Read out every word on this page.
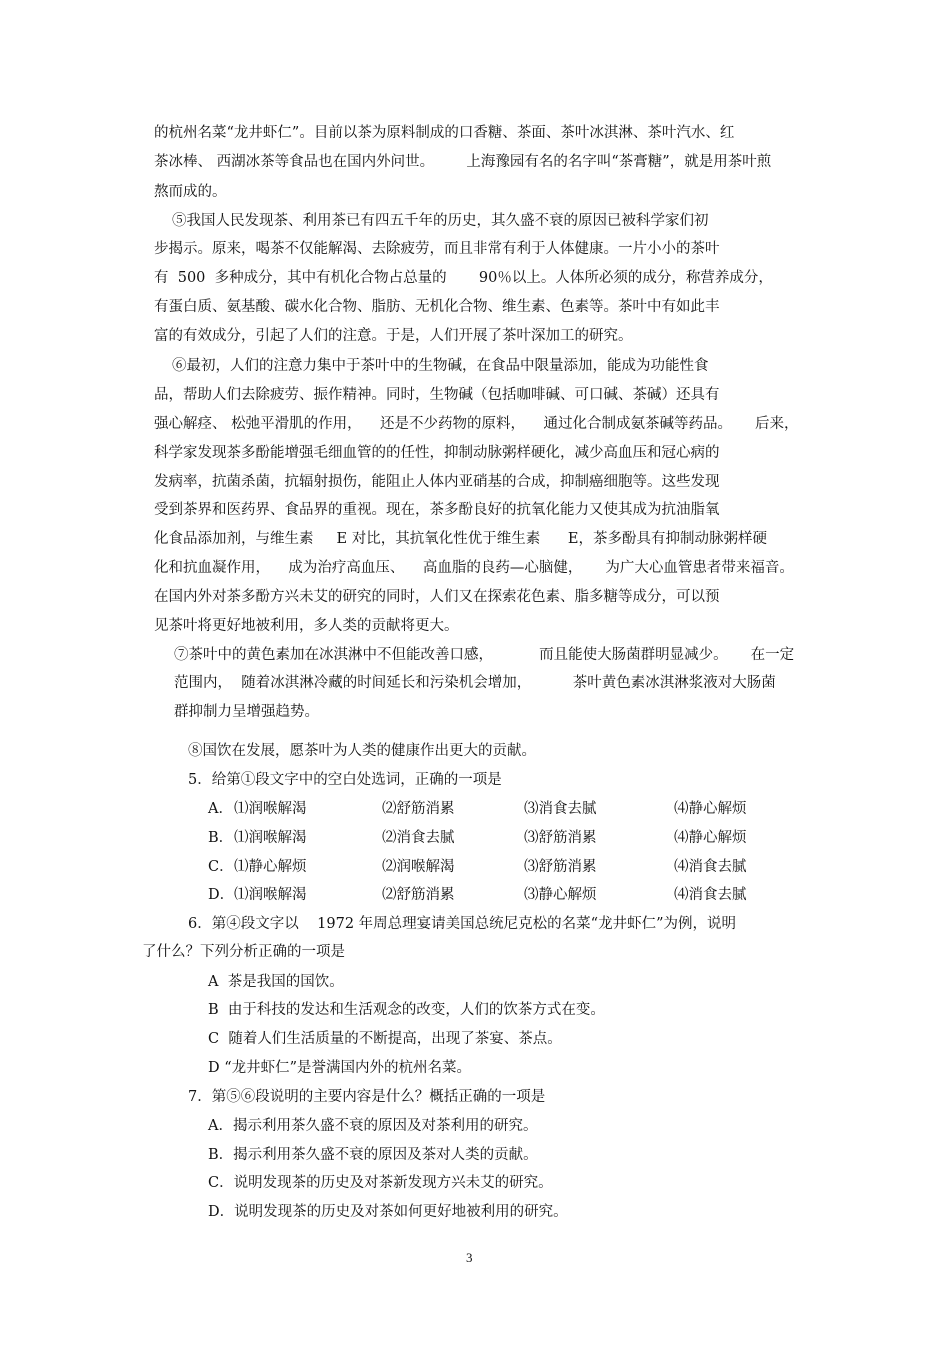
的杭州名菜“龙井虾仁”。目前以茶为原料制成的口香糖、茶面、茶叶冰淇淋、茶叶汽水、红
茶冰棒、 西湖冰茶等食品也在国内外问世。       上海豫园有名的名字叫“茶膏糖”，就是用茶叶煎
熬而成的。
⑤我国人民发现茶、利用茶已有四五千年的历史，其久盛不衰的原因已被科学家们初
步揭示。原来，喝茶不仅能解渴、去除疲劳，而且非常有利于人体健康。一片小小的茶叶
有  500  多种成分，其中有机化合物占总量的       90％以上。人体所必须的成分，称营养成分，
有蛋白质、氨基酸、碳水化合物、脂肪、无机化合物、维生素、色素等。茶叶中有如此丰
富的有效成分，引起了人们的注意。于是，人们开展了茶叶深加工的研究。
⑥最初，人们的注意力集中于茶叶中的生物碱，在食品中限量添加，能成为功能性食
品，帮助人们去除疲劳、振作精神。同时，生物碱（包括咖啡碱、可口碱、茶碱）还具有
强心解痉、 松弛平滑肌的作用，    还是不少药物的原料，    通过化合制成氨茶碱等药品。     后来，
科学家发现茶多酚能增强毛细血管的的任性，抑制动脉粥样硬化，减少高血压和冠心病的
发病率，抗菌杀菌，抗辐射损伤，能阻止人体内亚硝基的合成，抑制癌细胞等。这些发现
受到茶界和医药界、食品界的重视。现在，茶多酚良好的抗氧化能力又使其成为抗油脂氧
化食品添加剂，与维生素     E 对比，其抗氧化性优于维生素      E，茶多酚具有抑制动脉粥样硬
化和抗血凝作用，    成为治疗高血压、    高血脂的良药—心脑健，     为广大心血管患者带来福音。
在国内外对茶多酚方兴未艾的研究的同时，人们又在探索花色素、脂多糖等成分，可以预
见茶叶将更好地被利用，多人类的贡献将更大。
⑦茶叶中的黄色素加在冰淇淋中不但能改善口感，          而且能使大肠菌群明显减少。     在一定
范围内，  随着冰淇淋冷藏的时间延长和污染机会增加，         茶叶黄色素冰淇淋浆液对大肠菌
群抑制力呈增强趋势。
⑧国饮在发展，愿茶叶为人类的健康作出更大的贡献。
5．给第①段文字中的空白处选词，正确的一项是
A． ⑴润喉解渴	⑵舒筋消累	⑶消食去腻	⑷静心解烦
B． ⑴润喉解渴	⑵消食去腻	⑶舒筋消累	⑷静心解烦
C． ⑴静心解烦	⑵润喉解渴	⑶舒筋消累	⑷消食去腻
D． ⑴润喉解渴	⑵舒筋消累	⑶静心解烦	⑷消食去腻
6．第④段文字以    1972 年周总理宴请美国总统尼克松的名菜“龙井虾仁”为例，说明
了什么？下列分析正确的一项是
A  茶是我国的国饮。
B  由于科技的发达和生活观念的改变，人们的饮茶方式在变。
C  随着人们生活质量的不断提高，出现了茶宴、茶点。
D “龙井虾仁”是誉满国内外的杭州名菜。
7．第⑤⑥段说明的主要内容是什么？概括正确的一项是
A．揭示利用茶久盛不衰的原因及对茶利用的研究。
B．揭示利用茶久盛不衰的原因及茶对人类的贡献。
C．说明发现茶的历史及对茶新发现方兴未艾的研究。
D．说明发现茶的历史及对茶如何更好地被利用的研究。
3
